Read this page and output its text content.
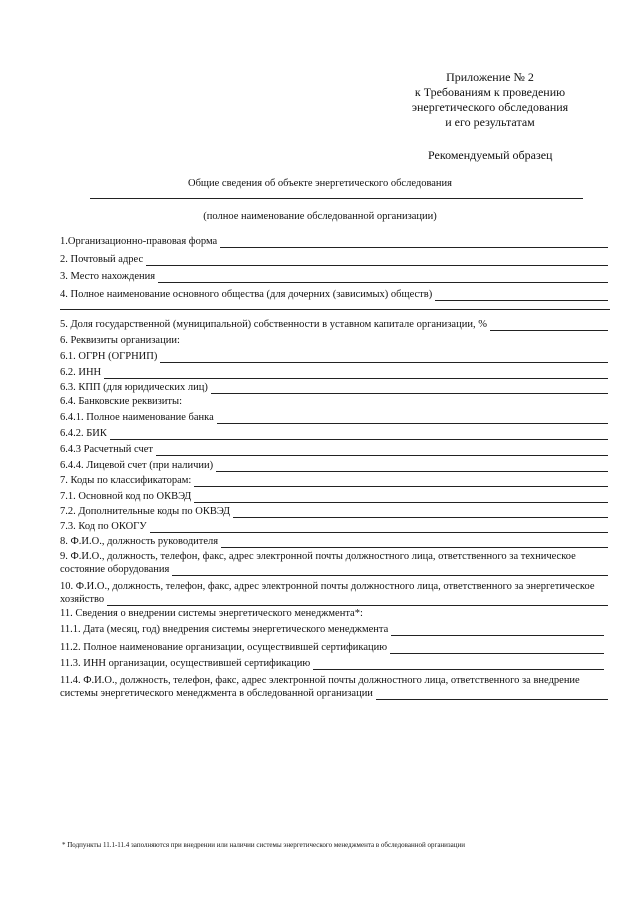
Приложение № 2
к Требованиям к проведению
энергетического обследования
и его результатам
Рекомендуемый образец
Общие сведения об объекте энергетического обследования
(полное наименование обследованной организации)
1.Организационно-правовая форма
2. Почтовый адрес
3. Место нахождения
4. Полное наименование основного общества (для дочерних (зависимых) обществ)
5. Доля государственной (муниципальной) собственности в уставном капитале организации, %
6. Реквизиты организации:
6.1. ОГРН (ОГРНИП)
6.2. ИНН
6.3. КПП (для юридических лиц)
6.4. Банковские реквизиты:
6.4.1. Полное наименование банка
6.4.2. БИК
6.4.3 Расчетный счет
6.4.4. Лицевой счет (при наличии)
7. Коды по классификаторам:
7.1. Основной код по ОКВЭД
7.2. Дополнительные коды по ОКВЭД
7.3. Код по ОКОГУ
8. Ф.И.О., должность руководителя
9. Ф.И.О., должность, телефон, факс, адрес электронной почты должностного лица, ответственного за техническое
состояние оборудования
10. Ф.И.О., должность, телефон, факс, адрес электронной почты должностного лица, ответственного за энергетическое
хозяйство
11. Сведения о внедрении системы энергетического менеджмента*:
11.1. Дата (месяц, год) внедрения системы энергетического менеджмента
11.2. Полное наименование организации, осуществившей сертификацию
11.3. ИНН организации, осуществившей сертификацию
11.4. Ф.И.О., должность, телефон, факс, адрес электронной почты должностного лица, ответственного за внедрение
системы энергетического менеджмента в обследованной организации
* Подпункты 11.1-11.4 заполняются при внедрении или наличии системы энергетического менеджмента в обследованной организации
